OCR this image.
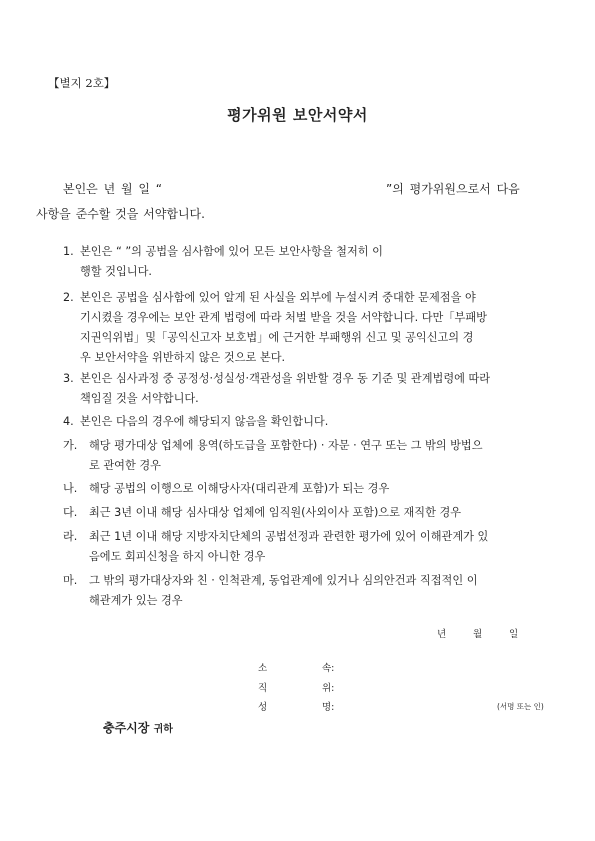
【별지 2호】
평가위원 보안서약서
본인은 년 월 일 “	”의 평가위원으로서 다음
사항을 준수할 것을 서약합니다.
1. 본인은 “ ”의 공법을 심사함에 있어 모든 보안사항을 철저히 이
행할 것입니다.
2. 본인은 공법을 심사함에 있어 알게 된 사실을 외부에 누설시켜 중대한 문제점을 야
기시켰을 경우에는 보안 관계 법령에 따라 처벌 받을 것을 서약합니다. 다만「부패방
지권익위법」및「공익신고자 보호법」에 근거한 부패행위 신고 및 공익신고의 경
우 보안서약을 위반하지 않은 것으로 본다.
3. 본인은 심사과정 중 공정성·성실성·객관성을 위반할 경우 동 기준 및 관계법령에 따라
책임질 것을 서약합니다.
4. 본인은 다음의 경우에 해당되지 않음을 확인합니다.
가. 해당 평가대상 업체에 용역(하도급을 포함한다) · 자문 · 연구 또는 그 밖의 방법으
로 관여한 경우
나. 해당 공법의 이행으로 이해당사자(대리관계 포함)가 되는 경우
다. 최근 3년 이내 해당 심사대상 업체에 임직원(사외이사 포함)으로 재직한 경우
라. 최근 1년 이내 해당 지방자치단체의 공법선정과 관련한 평가에 있어 이해관계가 있
음에도 회피신청을 하지 아니한 경우
마. 그 밖의 평가대상자와 친 · 인척관계, 동업관계에 있거나 심의안건과 직접적인 이
해관계가 있는 경우
년	월	일
소	속:
직	위:
성	명:	(서명 또는 인)
충주시장 귀하
